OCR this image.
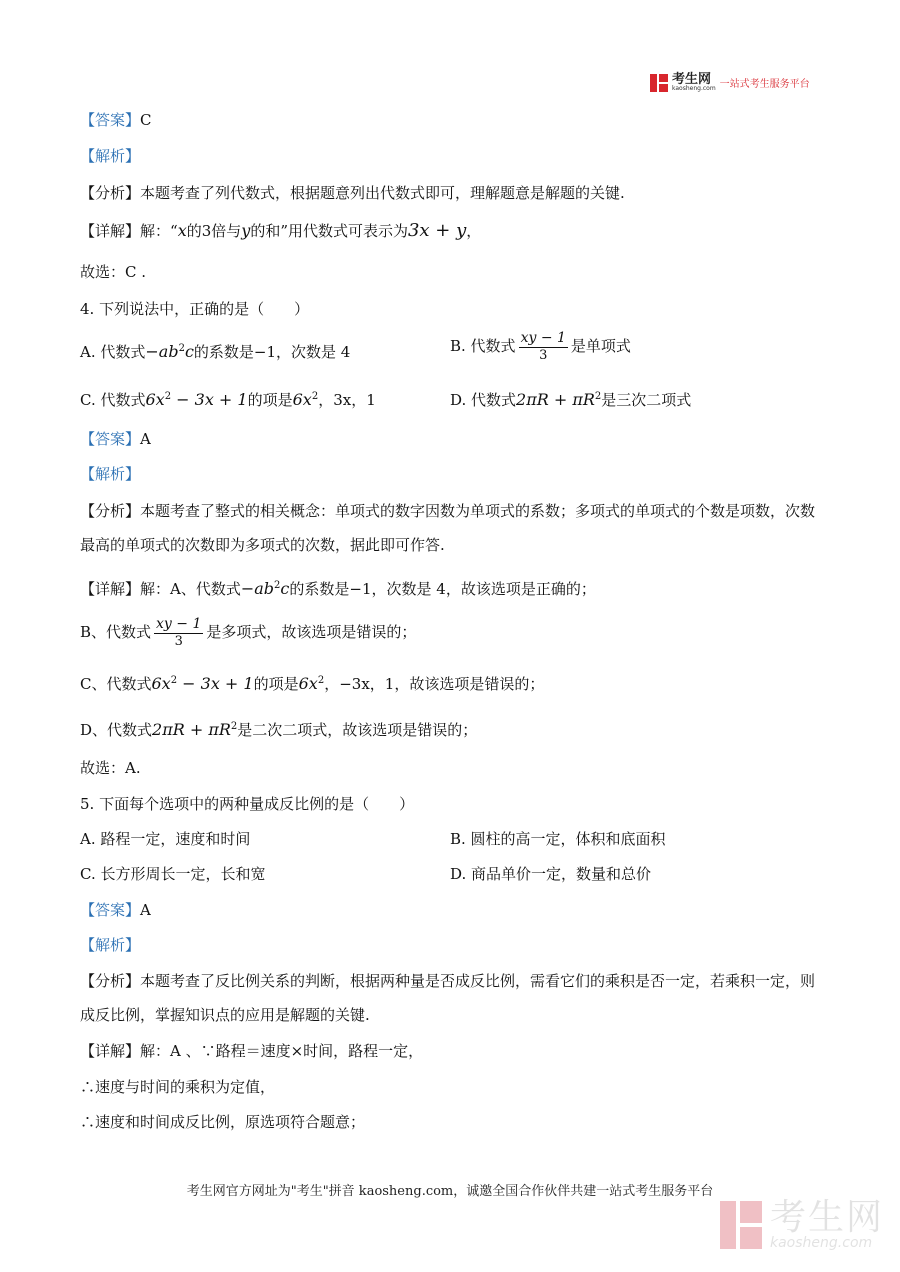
考生网
kaosheng.com 一站式考生服务平台
【答案】C
【解析】
【分析】本题考查了列代数式，根据题意列出代数式即可，理解题意是解题的关键.
【详解】解：“x的3倍与y的和”用代数式可表示为3x + y，
故选：C .
4. 下列说法中，正确的是（　　）
A. 代数式$-ab^2c$的系数是−1，次数是 4	B. 代数式 $\frac{xy - 1}{3}$ 是单项式
C. 代数式$6x^2 - 3x + 1$的项是$6x^2$，3x，1	D. 代数式$2\pi R + \pi R^2$是三次二项式
【答案】A
【解析】
【分析】本题考查了整式的相关概念：单项式的数字因数为单项式的系数；多项式的单项式的个数是项数，次数最高的单项式的次数即为多项式的次数，据此即可作答.
【详解】解：A、代数式$-ab^2c$的系数是−1，次数是 4，故该选项是正确的；
B、代数式 $\frac{xy - 1}{3}$ 是多项式，故该选项是错误的；
C、代数式$6x^2 - 3x + 1$的项是$6x^2$，−3x，1，故该选项是错误的；
D、代数式$2\pi R + \pi R^2$是二次二项式，故该选项是错误的；
故选：A.
5. 下面每个选项中的两种量成反比例的是（　　）
A. 路程一定，速度和时间	B. 圆柱的高一定，体积和底面积
C. 长方形周长一定，长和宽	D. 商品单价一定，数量和总价
【答案】A
【解析】
【分析】本题考查了反比例关系的判断，根据两种量是否成反比例，需看它们的乘积是否一定，若乘积一定，则成反比例，掌握知识点的应用是解题的关键.
【详解】解：A 、∵路程＝速度×时间，路程一定，
∴速度与时间的乘积为定值，
∴速度和时间成反比例，原选项符合题意；
考生网官方网址为"考生"拼音 kaosheng.com，诚邀全国合作伙伴共建一站式考生服务平台
考生网
kaosheng.com
